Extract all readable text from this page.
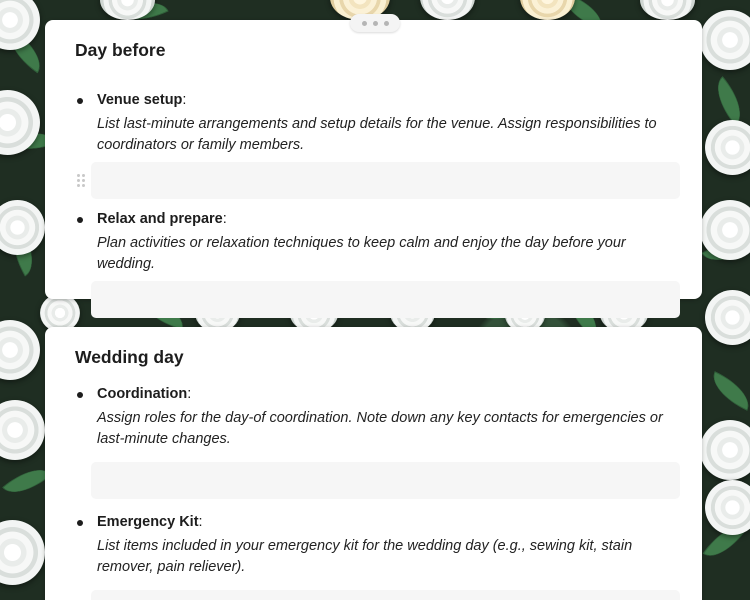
Day before
Venue setup:
List last-minute arrangements and setup details for the venue. Assign responsibilities to coordinators or family members.
Relax and prepare:
Plan activities or relaxation techniques to keep calm and enjoy the day before your wedding.
Wedding day
Coordination:
Assign roles for the day-of coordination. Note down any key contacts for emergencies or last-minute changes.
Emergency Kit:
List items included in your emergency kit for the wedding day (e.g., sewing kit, stain remover, pain reliever).
